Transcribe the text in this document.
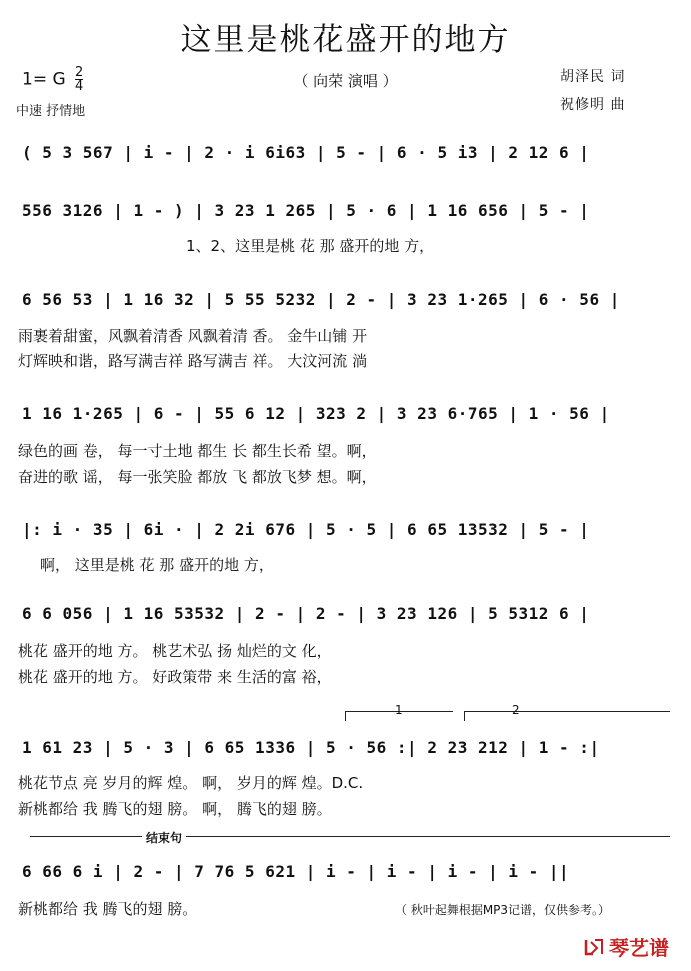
这里是桃花盛开的地方
1= G $\frac{2}{4}$
中速 抒情地
（ 向荣 演唱 ）	胡泽民 词
祝修明 曲
( 5 3 567 | i - | 2 · i 6i63 | 5 - | 6 · 5 i3 | 2 12 6 |
556 3126 | 1 - ) | 3 23 1 265 | 5 · 6 | 1 16 656 | 5 - |
1、2、这里是桃 花 那 盛开的地 方，
6 56 53 | 1 16 32 | 5 55 5232 | 2 - | 3 23 1·265 | 6 · 56 |
雨裹着甜蜜，风飘着清香 风飘着清 香。 金牛山铺 开
灯辉映和谐，路写满吉祥 路写满吉 祥。 大汶河流 淌
1 16 1·265 | 6 - | 55 6 12 | 323 2 | 3 23 6·765 | 1 · 56 |
绿色的画 卷， 每一寸土地 都生 长 都生长希 望。啊，
奋进的歌 谣， 每一张笑脸 都放 飞 都放飞梦 想。啊，
|: i · 35 | 6i · | 2 2i 676 | 5 · 5 | 6 65 13532 | 5 - |
啊， 这里是桃 花 那 盛开的地 方，
6 6 056 | 1 16 53532 | 2 - | 2 - | 3 23 126 | 5 5312 6 |
桃花 盛开的地 方。 桃艺术弘 扬 灿烂的文 化，
桃花 盛开的地 方。 好政策带 来 生活的富 裕，
1	2
1 61 23 | 5 · 3 | 6 65 1336 | 5 · 56 :| 2 23 212 | 1 - :|
桃花节点 亮 岁月的辉 煌。 啊， 岁月的辉 煌。D.C.
新桃都给 我 腾飞的翅 膀。 啊， 腾飞的翅 膀。
结束句
6 66 6 i | 2 - | 7 76 5 621 | i - | i - | i - | i - ||
新桃都给 我 腾飞的翅 膀。	（ 秋叶起舞根据MP3记谱，仅供参考。）
琴艺谱
